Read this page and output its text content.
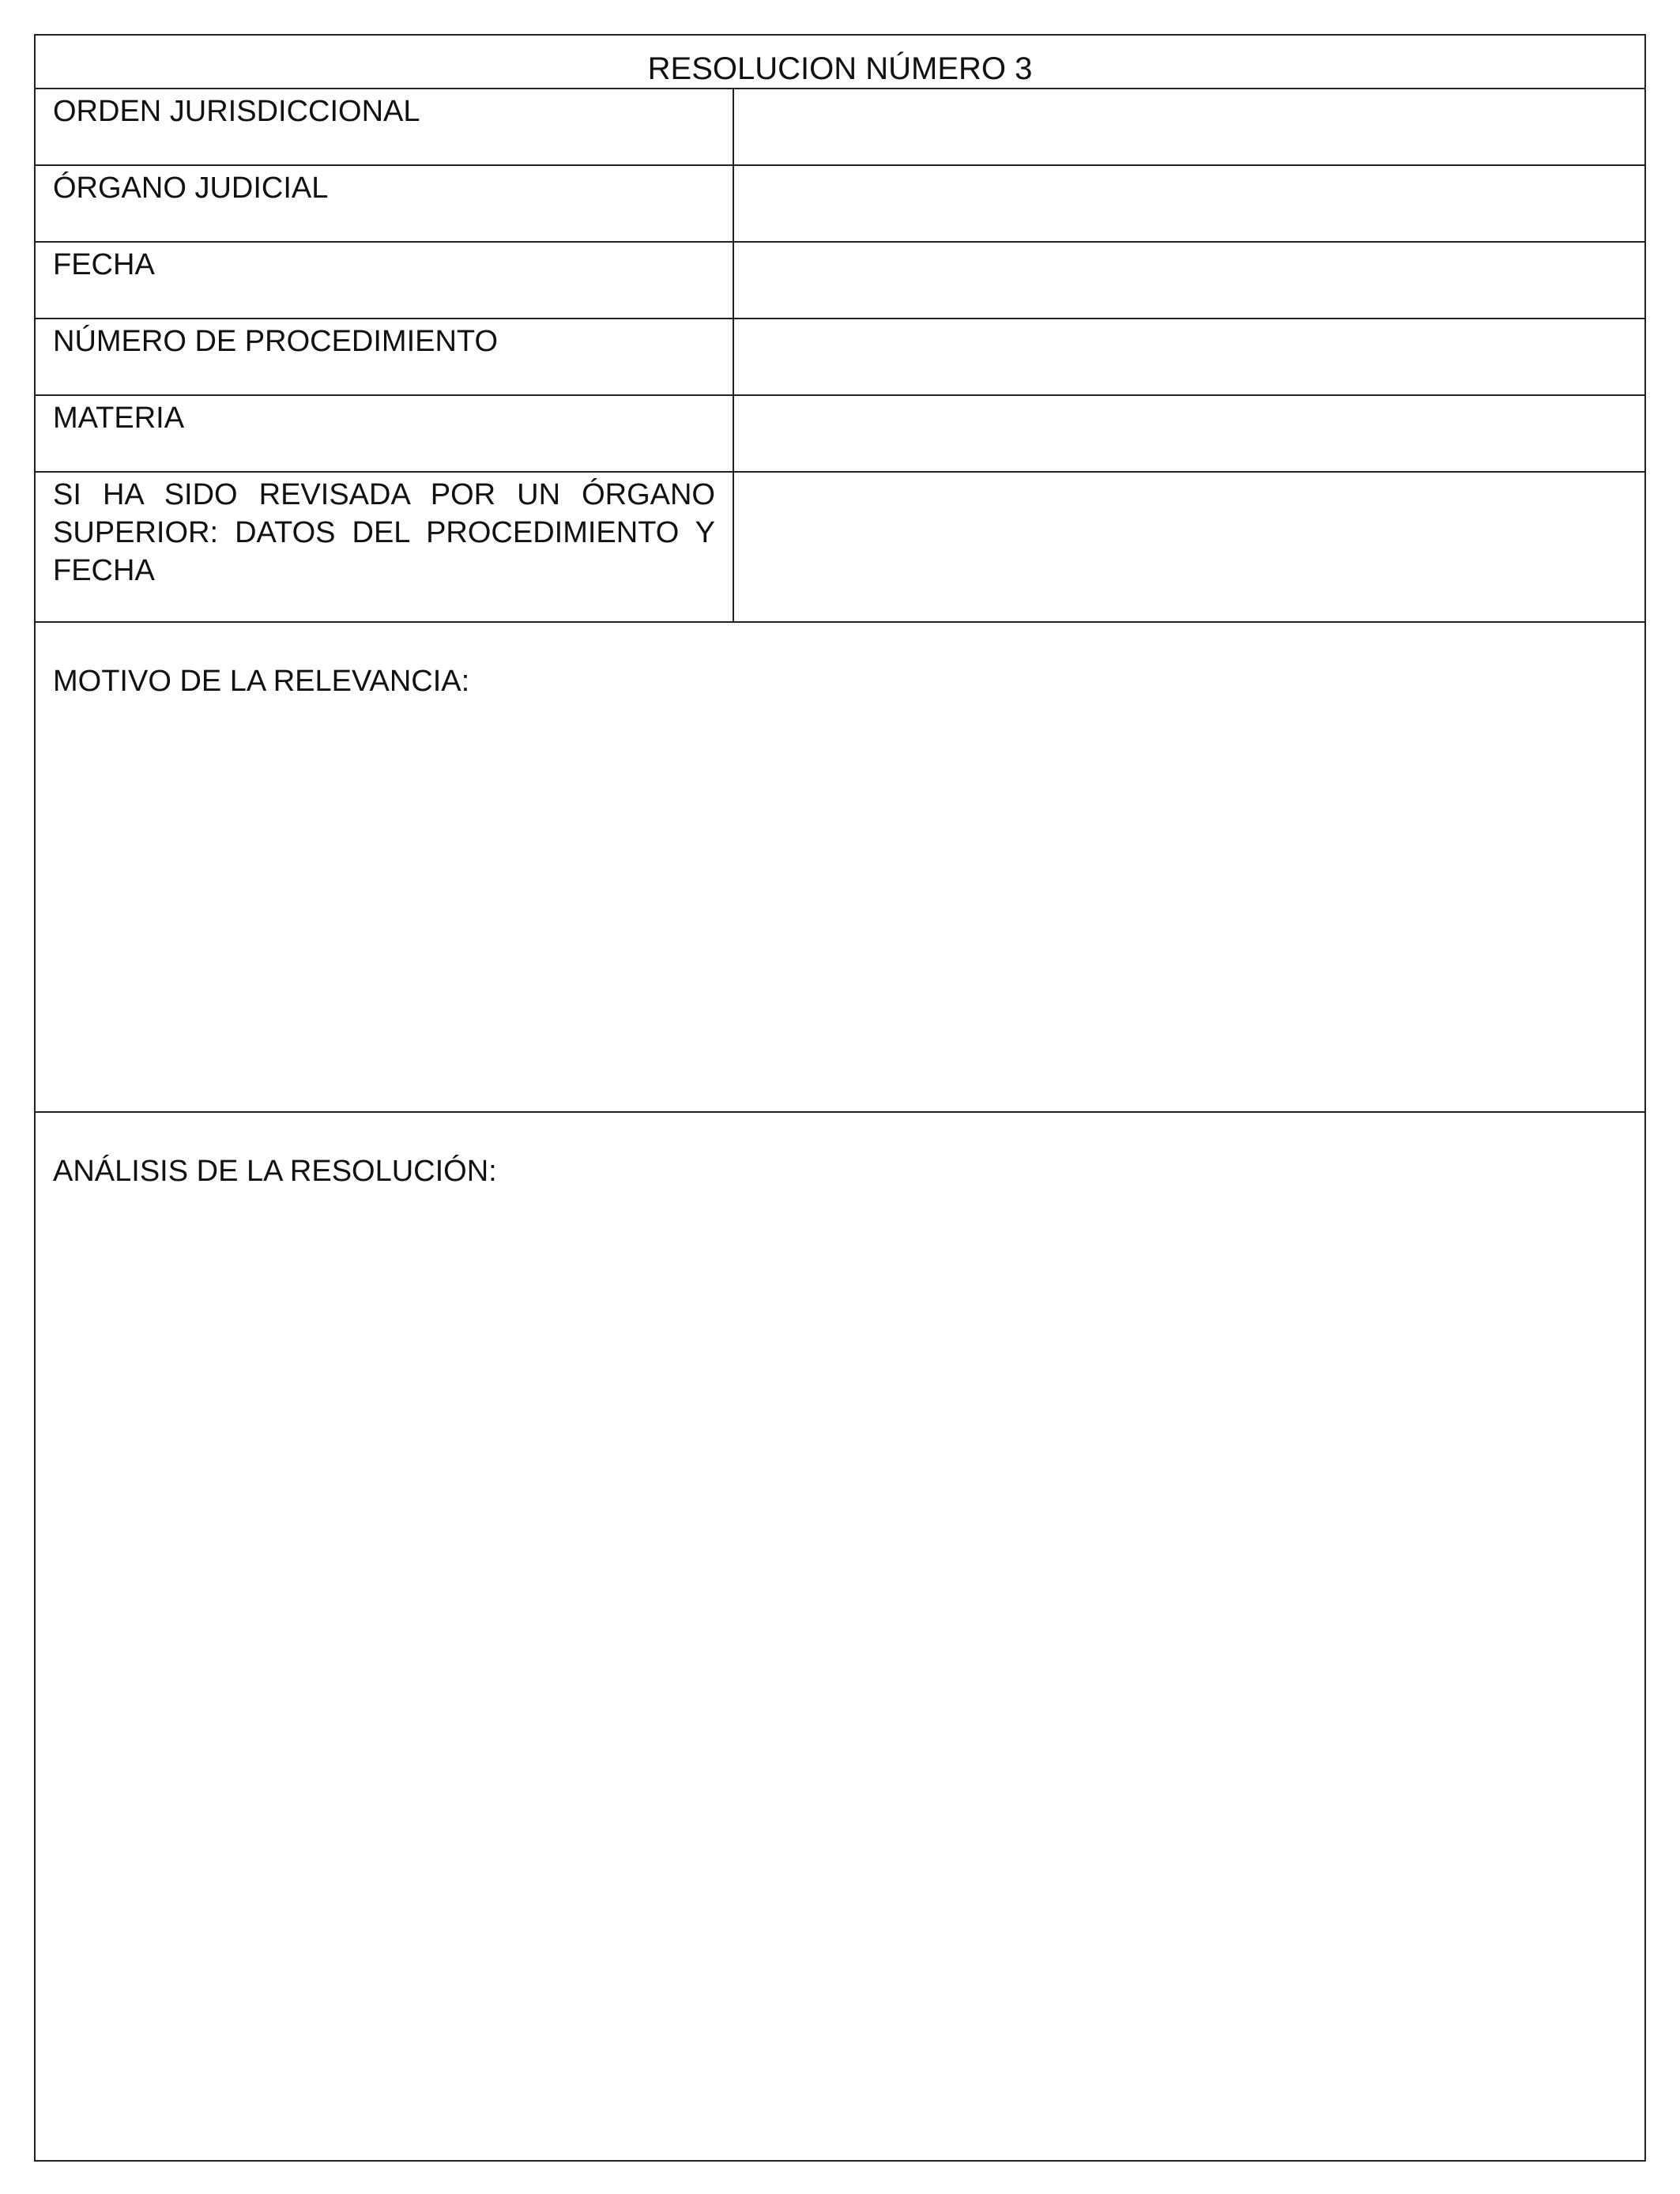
RESOLUCION NÚMERO 3
ORDEN JURISDICCIONAL
ÓRGANO JUDICIAL
FECHA
NÚMERO DE PROCEDIMIENTO
MATERIA
SI HA SIDO REVISADA POR UN ÓRGANO SUPERIOR: DATOS DEL PROCEDIMIENTO Y FECHA
MOTIVO DE LA RELEVANCIA:
ANÁLISIS DE LA RESOLUCIÓN:
